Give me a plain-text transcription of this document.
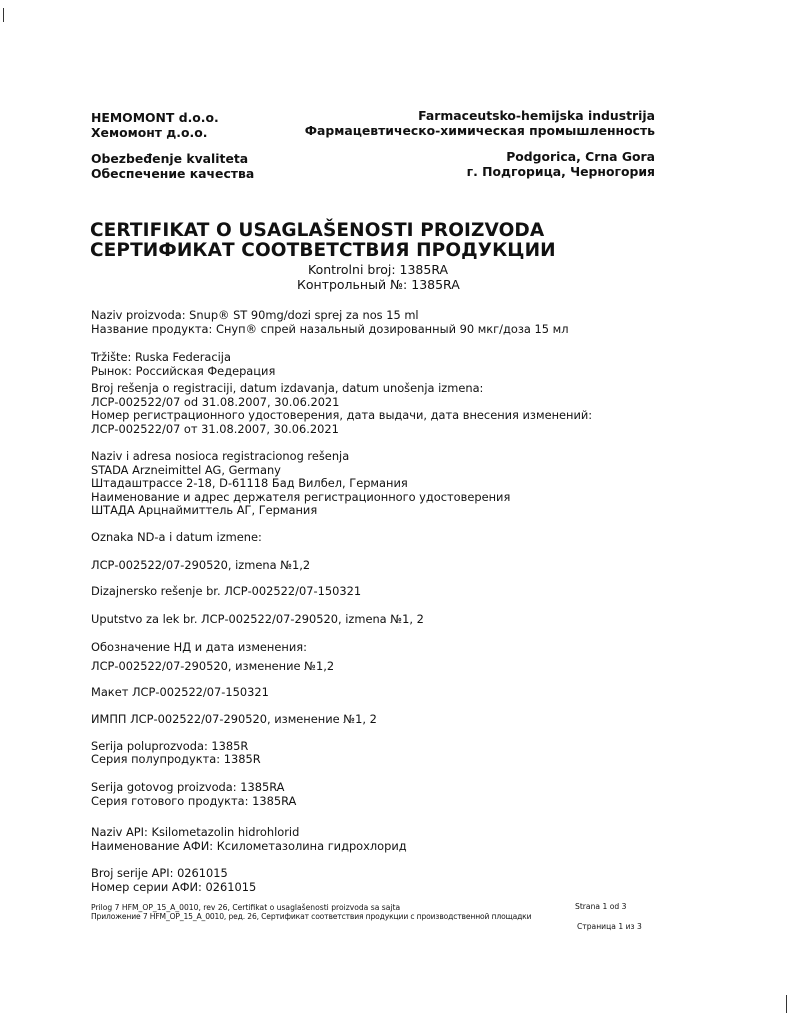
HEMOMONT d.o.o.
Хемомонт д.о.о.
Obezbeđenje kvaliteta
Обеспечение качества
Farmaceutsko-hemijska industrija
Фармацевтическо-химическая промышленность
Podgorica, Crna Gora
г. Подгорица, Черногория
CERTIFIKAT O USAGLAŠENOSTI PROIZVODA
СЕРТИФИКАТ СООТВЕТСТВИЯ ПРОДУКЦИИ
Kontrolni broj: 1385RA
Контрольный №: 1385RA
Naziv proizvoda: Snup® ST 90mg/dozi sprej za nos 15 ml
Название продукта: Снуп® спрей назальный дозированный 90 мкг/доза 15 мл
Tržište: Ruska Federacija
Рынок: Российская Федерация
Broj rešenja o registraciji, datum izdavanja, datum unošenja izmena:
ЛСР-002522/07 od 31.08.2007, 30.06.2021
Номер регистрационного удостоверения, дата выдачи, дата внесения изменений:
ЛСР-002522/07 от 31.08.2007, 30.06.2021
Naziv i adresa nosioca registracionog rešenja
STADA Arzneimittel AG, Germany
Штадаштрассе 2-18, D-61118 Бад Вилбел, Германия
Наименование и адрес держателя регистрационного удостоверения
ШТАДА Арцнаймиттель АГ, Германия
Oznaka ND-a i datum izmene:
ЛСР-002522/07-290520, izmena №1,2
Dizajnersko rešenje br. ЛСР-002522/07-150321
Uputstvo za lek br. ЛСР-002522/07-290520, izmena №1, 2
Обозначение НД и дата изменения:
ЛСР-002522/07-290520, изменение №1,2
Макет ЛСР-002522/07-150321
ИМПП ЛСР-002522/07-290520, изменение №1, 2
Serija poluprozvoda: 1385R
Серия полупродукта: 1385R
Serija gotovog proizvoda: 1385RA
Серия готового продукта: 1385RA
Naziv API: Ksilometazolin hidrohlorid
Наименование АФИ: Ксилометазолина гидрохлорид
Broj serije API: 0261015
Номер серии АФИ: 0261015
Prilog 7 HFM_OP_15_A_0010, rev 26, Certifikat o usaglašenosti proizvoda sa sajta	Strana 1 od 3
Приложение 7 HFM_OP_15_A_0010, ред. 26, Сертификат соответствия продукции с производственной площадки
Страница 1 из 3
